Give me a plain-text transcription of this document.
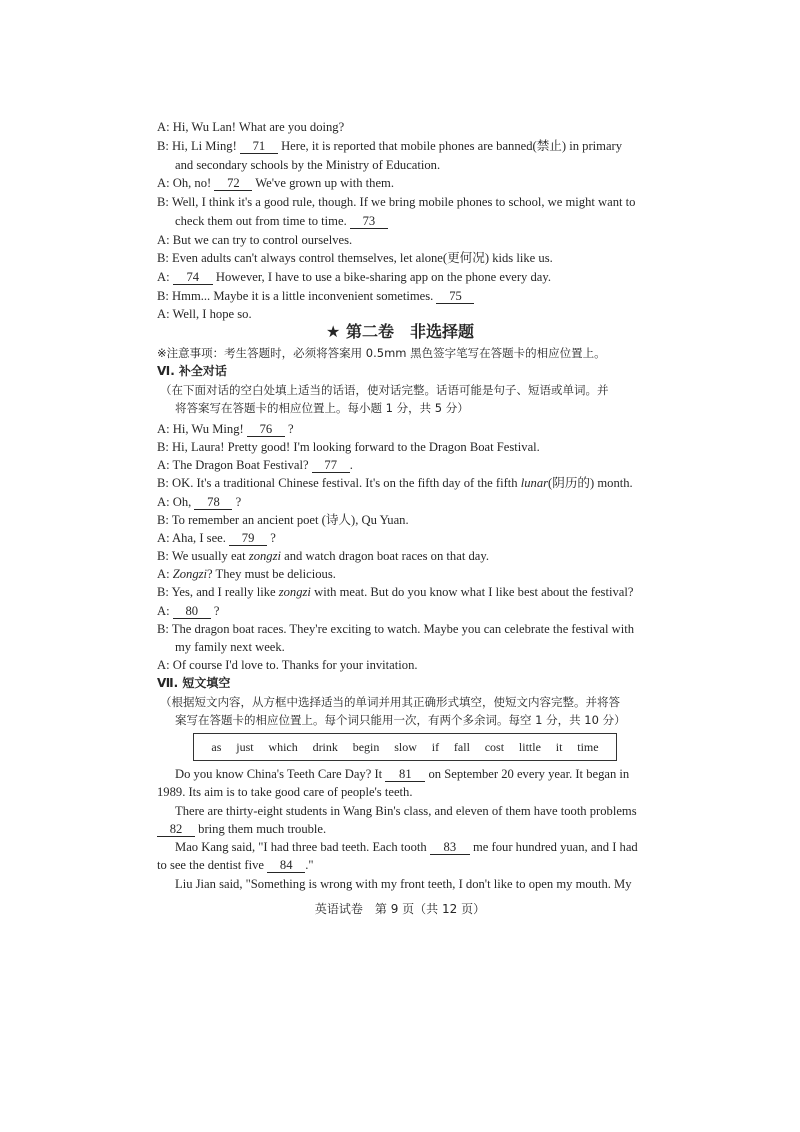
A: Hi, Wu Lan! What are you doing?
B: Hi, Li Ming! 71 Here, it is reported that mobile phones are banned(禁止) in primary
and secondary schools by the Ministry of Education.
A: Oh, no! 72 We've grown up with them.
B: Well, I think it's a good rule, though. If we bring mobile phones to school, we might want to
check them out from time to time. 73
A: But we can try to control ourselves.
B: Even adults can't always control themselves, let alone(更何况) kids like us.
A: 74 However, I have to use a bike-sharing app on the phone every day.
B: Hmm... Maybe it is a little inconvenient sometimes. 75
A: Well, I hope so.
★ 第二卷　非选择题
※注意事项：考生答题时，必须将答案用 0.5mm 黑色签字笔写在答题卡的相应位置上。
Ⅵ. 补全对话
（在下面对话的空白处填上适当的话语，使对话完整。话语可能是句子、短语或单词。并
将答案写在答题卡的相应位置上。每小题 1 分，共 5 分）
A: Hi, Wu Ming! 76 ?
B: Hi, Laura! Pretty good! I'm looking forward to the Dragon Boat Festival.
A: The Dragon Boat Festival? 77 .
B: OK. It's a traditional Chinese festival. It's on the fifth day of the fifth lunar(阴历的) month.
A: Oh, 78 ?
B: To remember an ancient poet (诗人), Qu Yuan.
A: Aha, I see. 79 ?
B: We usually eat zongzi and watch dragon boat races on that day.
A: Zongzi? They must be delicious.
B: Yes, and I really like zongzi with meat. But do you know what I like best about the festival?
A: 80 ?
B: The dragon boat races. They're exciting to watch. Maybe you can celebrate the festival with
my family next week.
A: Of course I'd love to. Thanks for your invitation.
Ⅶ. 短文填空
（根据短文内容，从方框中选择适当的单词并用其正确形式填空，使短文内容完整。并将答
案写在答题卡的相应位置上。每个词只能用一次，有两个多余词。每空 1 分，共 10 分）
as just which drink begin slow if fall cost little it time
Do you know China's Teeth Care Day? It 81 on September 20 every year. It began in
1989. Its aim is to take good care of people's teeth.
There are thirty-eight students in Wang Bin's class, and eleven of them have tooth problems
82 bring them much trouble.
Mao Kang said, "I had three bad teeth. Each tooth 83 me four hundred yuan, and I had
to see the dentist five 84 ."
Liu Jian said, "Something is wrong with my front teeth, I don't like to open my mouth. My
英语试卷　第 9 页（共 12 页）
